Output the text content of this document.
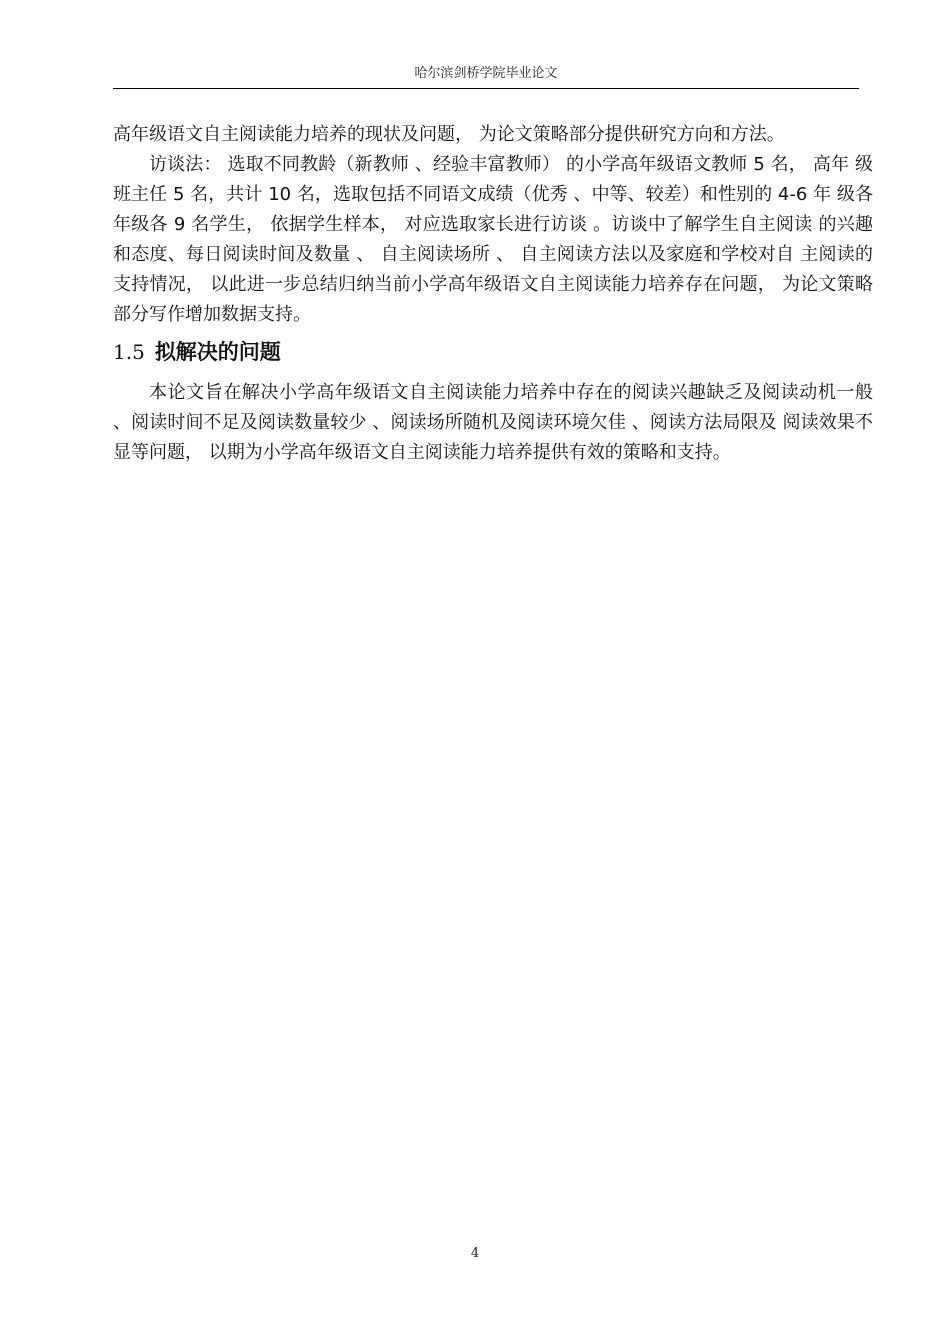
哈尔滨剑桥学院毕业论文

高年级语文自主阅读能力培养的现状及问题， 为论文策略部分提供研究方向和方法。

访谈法： 选取不同教龄（新教师 、经验丰富教师） 的小学高年级语文教师 5 名， 高年 级班主任 5 名，共计 10 名，选取包括不同语文成绩（优秀 、中等、较差）和性别的 4-6 年 级各年级各 9 名学生， 依据学生样本， 对应选取家长进行访谈 。访谈中了解学生自主阅读 的兴趣和态度、每日阅读时间及数量 、 自主阅读场所 、 自主阅读方法以及家庭和学校对自 主阅读的支持情况， 以此进一步总结归纳当前小学高年级语文自主阅读能力培养存在问题， 为论文策略部分写作增加数据支持。

1.5 拟解决的问题

本论文旨在解决小学高年级语文自主阅读能力培养中存在的阅读兴趣缺乏及阅读动机一般 、阅读时间不足及阅读数量较少 、阅读场所随机及阅读环境欠佳 、阅读方法局限及 阅读效果不显等问题， 以期为小学高年级语文自主阅读能力培养提供有效的策略和支持。

4
